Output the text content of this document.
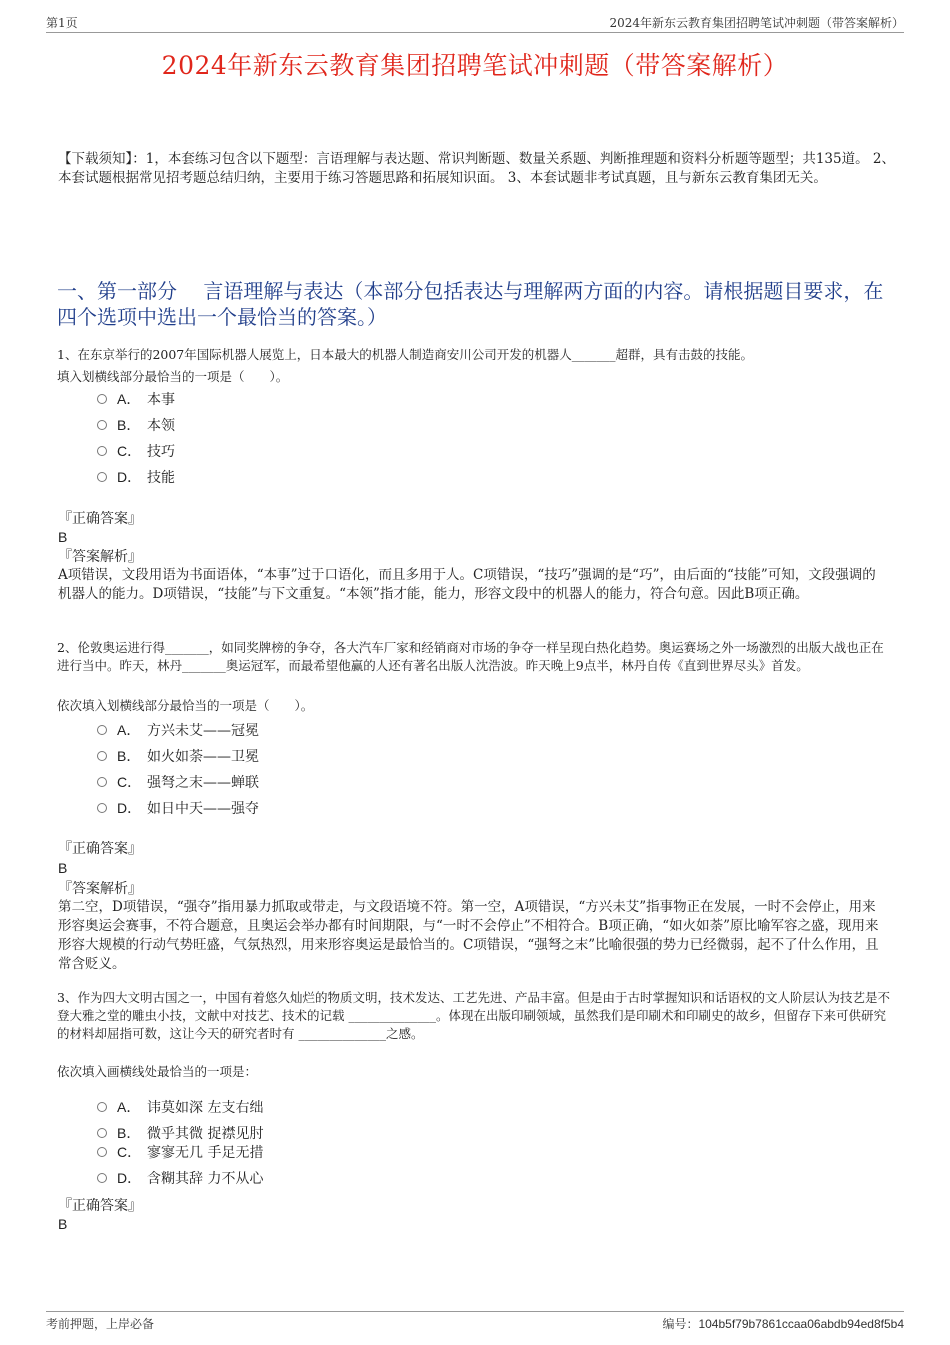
第1页	2024年新东云教育集团招聘笔试冲刺题（带答案解析）
2024年新东云教育集团招聘笔试冲刺题（带答案解析）
【下载须知】：1，本套练习包含以下题型：言语理解与表达题、常识判断题、数量关系题、判断推理题和资料分析题等题型；共135道。 2、本套试题根据常见招考题总结归纳，主要用于练习答题思路和拓展知识面。 3、本套试题非考试真题，且与新东云教育集团无关。
一、第一部分　 言语理解与表达（本部分包括表达与理解两方面的内容。请根据题目要求，在四个选项中选出一个最恰当的答案。）
1、在东京举行的2007年国际机器人展览上，日本最大的机器人制造商安川公司开发的机器人_______超群，具有击鼓的技能。
填入划横线部分最恰当的一项是（　　）。
A． 本事
B． 本领
C． 技巧
D． 技能
『正确答案』
B
『答案解析』
A项错误，文段用语为书面语体，“本事”过于口语化，而且多用于人。C项错误，“技巧”强调的是“巧”，由后面的“技能”可知，文段强调的机器人的能力。D项错误，“技能”与下文重复。“本领”指才能，能力，形容文段中的机器人的能力，符合句意。因此B项正确。
2、伦敦奥运进行得_______，如同奖牌榜的争夺，各大汽车厂家和经销商对市场的争夺一样呈现白热化趋势。奥运赛场之外一场激烈的出版大战也正在进行当中。昨天，林丹_______奥运冠军，而最希望他赢的人还有著名出版人沈浩波。昨天晚上9点半，林丹自传《直到世界尽头》首发。
依次填入划横线部分最恰当的一项是（　　）。
A． 方兴未艾——冠冕
B． 如火如荼——卫冕
C． 强弩之末——蝉联
D． 如日中天——强夺
『正确答案』
B
『答案解析』
第二空，D项错误，“强夺”指用暴力抓取或带走，与文段语境不符。第一空，A项错误，“方兴未艾”指事物正在发展，一时不会停止，用来形容奥运会赛事，不符合题意，且奥运会举办都有时间期限，与“一时不会停止”不相符合。B项正确，“如火如荼”原比喻军容之盛，现用来形容大规模的行动气势旺盛，气氛热烈，用来形容奥运是最恰当的。C项错误，“强弩之末”比喻很强的势力已经微弱，起不了什么作用，且常含贬义。
3、作为四大文明古国之一，中国有着悠久灿烂的物质文明，技术发达、工艺先进、产品丰富。但是由于古时掌握知识和话语权的文人阶层认为技艺是不登大雅之堂的雕虫小技，文献中对技艺、技术的记载 ______________。体现在出版印刷领域，虽然我们是印刷术和印刷史的故乡，但留存下来可供研究的材料却屈指可数，这让今天的研究者时有 ______________之感。
依次填入画横线处最恰当的一项是：
A． 讳莫如深 左支右绌
B． 微乎其微 捉襟见肘
C． 寥寥无几 手足无措
D． 含糊其辞 力不从心
『正确答案』
B
考前押题，上岸必备	编号：104b5f79b7861ccaa06abdb94ed8f5b4
